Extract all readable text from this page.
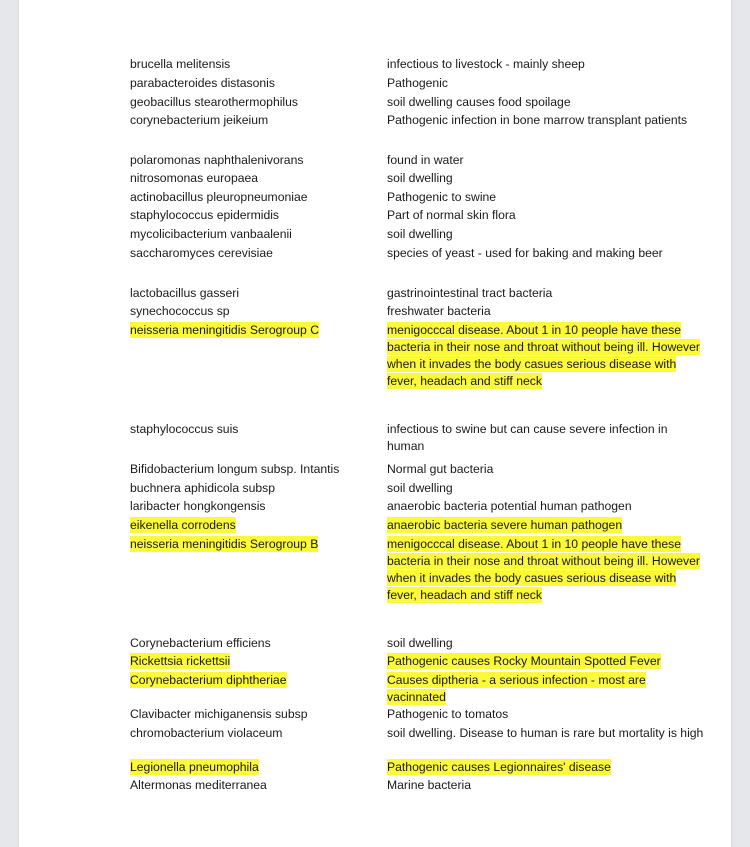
brucella melitensis	infectious to livestock - mainly sheep
parabacteroides distasonis	Pathogenic
geobacillus stearothermophilus	soil dwelling causes food spoilage
corynebacterium jeikeium	Pathogenic infection in bone marrow transplant patients
polaromonas naphthalenivorans	found in water
nitrosomonas europaea	soil dwelling
actinobacillus pleuropneumoniae	Pathogenic to swine
staphylococcus epidermidis	Part of normal skin flora
mycolicibacterium vanbaalenii	soil dwelling
saccharomyces cerevisiae	species of yeast - used for baking and making beer
lactobacillus gasseri	gastrinointestinal tract bacteria
synechococcus sp	freshwater bacteria
neisseria meningitidis Serogroup C	menigocccal disease. About 1 in 10 people have these bacteria in their nose and throat without being ill. However when it invades the body casues serious disease with fever, headach and stiff neck
staphylococcus suis	infectious to swine but can cause severe infection in human
Bifidobacterium longum subsp. Intantis	Normal gut bacteria
buchnera aphidicola subsp	soil dwelling
laribacter hongkongensis	anaerobic bacteria potential human pathogen
eikenella corrodens	anaerobic bacteria severe human pathogen
neisseria meningitidis Serogroup B	menigocccal disease. About 1 in 10 people have these bacteria in their nose and throat without being ill. However when it invades the body casues serious disease with fever, headach and stiff neck
Corynebacterium efficiens	soil dwelling
Rickettsia rickettsii	Pathogenic causes Rocky Mountain Spotted Fever
Corynebacterium diphtheriae	Causes diptheria - a serious infection - most are vacinnated
Clavibacter michiganensis subsp	Pathogenic to tomatos
chromobacterium violaceum	soil dwelling. Disease to human is rare but mortality is high
Legionella pneumophila	Pathogenic causes Legionnaires' disease
Altermonas mediterranea	Marine bacteria
